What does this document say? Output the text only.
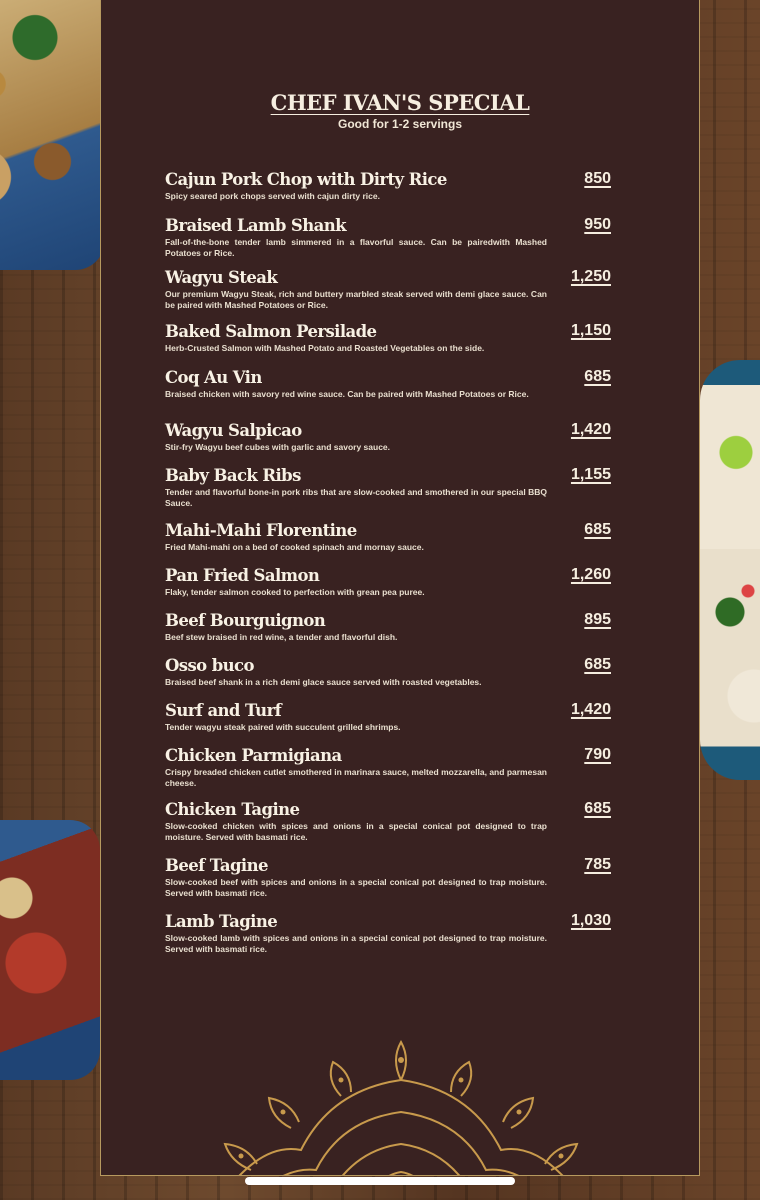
CHEF IVAN'S SPECIAL
Good for 1-2 servings
Cajun Pork Chop with Dirty Rice
Spicy seared pork chops served with cajun dirty rice.
850
Braised Lamb Shank
Fall-of-the-bone tender lamb simmered in a flavorful sauce. Can be pairedwith Mashed Potatoes or Rice.
950
Wagyu Steak
Our premium Wagyu Steak, rich and buttery marbled steak served with demi glace sauce. Can be paired with Mashed Potatoes or Rice.
1,250
Baked Salmon Persilade
Herb-Crusted Salmon with Mashed Potato and Roasted Vegetables on the side.
1,150
Coq Au Vin
Braised chicken with savory red wine sauce. Can be paired with Mashed Potatoes or Rice.
685
Wagyu Salpicao
Stir-fry Wagyu beef cubes with garlic and savory sauce.
1,420
Baby Back Ribs
Tender and flavorful bone-in pork ribs that are slow-cooked and smothered in our special BBQ Sauce.
1,155
Mahi-Mahi Florentine
Fried Mahi-mahi on a bed of cooked spinach and mornay sauce.
685
Pan Fried Salmon
Flaky, tender salmon cooked to perfection with grean pea puree.
1,260
Beef Bourguignon
Beef stew braised in red wine, a tender and flavorful dish.
895
Osso buco
Braised beef shank in a rich demi glace sauce served with roasted vegetables.
685
Surf and Turf
Tender wagyu steak paired with succulent grilled shrimps.
1,420
Chicken Parmigiana
Crispy breaded chicken cutlet smothered in marinara sauce, melted mozzarella, and parmesan cheese.
790
Chicken Tagine
Slow-cooked chicken with spices and onions in a special conical pot designed to trap moisture. Served with basmati rice.
685
Beef Tagine
Slow-cooked beef with spices and onions in a special conical pot designed to trap moisture. Served with basmati rice.
785
Lamb Tagine
Slow-cooked lamb with spices and onions in a special conical pot designed to trap moisture. Served with basmati rice.
1,030
